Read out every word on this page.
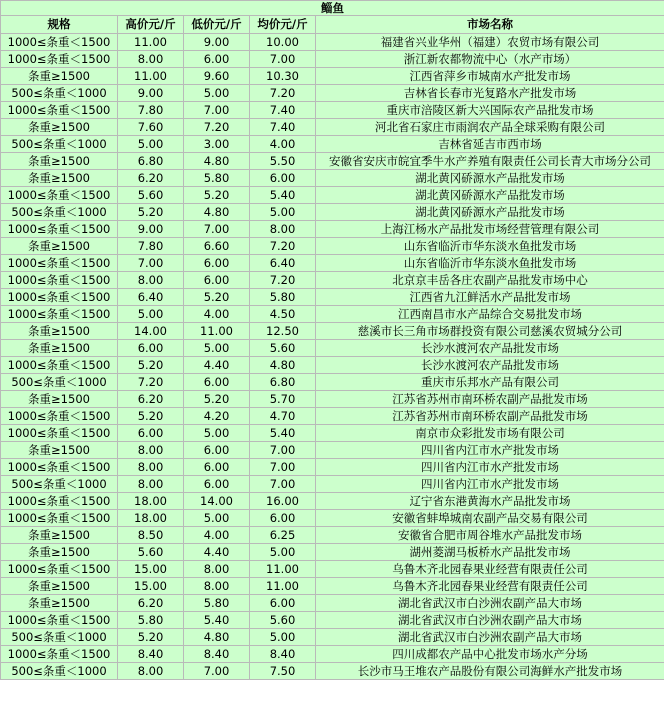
鲻鱼				
规格	高价元/斤	低价元/斤	均价元/斤	市场名称
1000≤条重＜1500	11.00	9.00	10.00	福建省兴业华州（福建）农贸市场有限公司
1000≤条重＜1500	8.00	6.00	7.00	浙江新农都物流中心（水产市场）
条重≥1500	11.00	9.60	10.30	江西省萍乡市城南水产批发市场
500≤条重＜1000	9.00	5.00	7.20	吉林省长春市光复路水产批发市场
1000≤条重＜1500	7.80	7.00	7.40	重庆市涪陵区新大兴国际农产品批发市场
条重≥1500	7.60	7.20	7.40	河北省石家庄市雨润农产品全球采购有限公司
500≤条重＜1000	5.00	3.00	4.00	吉林省延吉市西市场
条重≥1500	6.80	4.80	5.50	安徽省安庆市皖宜季牛水产养殖有限责任公司长青大市场分公司
条重≥1500	6.20	5.80	6.00	湖北黄冈硚源水产品批发市场
1000≤条重＜1500	5.60	5.20	5.40	湖北黄冈硚源水产品批发市场
500≤条重＜1000	5.20	4.80	5.00	湖北黄冈硚源水产品批发市场
1000≤条重＜1500	9.00	7.00	8.00	上海江杨水产品批发市场经营管理有限公司
条重≥1500	7.80	6.60	7.20	山东省临沂市华东淡水鱼批发市场
1000≤条重＜1500	7.00	6.00	6.40	山东省临沂市华东淡水鱼批发市场
1000≤条重＜1500	8.00	6.00	7.20	北京京丰岳各庄农副产品批发市场中心
1000≤条重＜1500	6.40	5.20	5.80	江西省九江鲜活水产品批发市场
1000≤条重＜1500	5.00	4.00	4.50	江西南昌市水产品综合交易批发市场
条重≥1500	14.00	11.00	12.50	慈溪市长三角市场群投资有限公司慈溪农贸城分公司
条重≥1500	6.00	5.00	5.60	长沙水渡河农产品批发市场
1000≤条重＜1500	5.20	4.40	4.80	长沙水渡河农产品批发市场
500≤条重＜1000	7.20	6.00	6.80	重庆市乐邦水产品有限公司
条重≥1500	6.20	5.20	5.70	江苏省苏州市南环桥农副产品批发市场
1000≤条重＜1500	5.20	4.20	4.70	江苏省苏州市南环桥农副产品批发市场
1000≤条重＜1500	6.00	5.00	5.40	南京市众彩批发市场有限公司
条重≥1500	8.00	6.00	7.00	四川省内江市水产批发市场
1000≤条重＜1500	8.00	6.00	7.00	四川省内江市水产批发市场
500≤条重＜1000	8.00	6.00	7.00	四川省内江市水产批发市场
1000≤条重＜1500	18.00	14.00	16.00	辽宁省东港黄海水产品批发市场
1000≤条重＜1500	18.00	5.00	6.00	安徽省蚌埠城南农副产品交易有限公司
条重≥1500	8.50	4.00	6.25	安徽省合肥市周谷堆水产品批发市场
条重≥1500	5.60	4.40	5.00	湖州菱湖马板桥水产品批发市场
1000≤条重＜1500	15.00	8.00	11.00	乌鲁木齐北园春果业经营有限责任公司
条重≥1500	15.00	8.00	11.00	乌鲁木齐北园春果业经营有限责任公司
条重≥1500	6.20	5.80	6.00	湖北省武汉市白沙洲农副产品大市场
1000≤条重＜1500	5.80	5.40	5.60	湖北省武汉市白沙洲农副产品大市场
500≤条重＜1000	5.20	4.80	5.00	湖北省武汉市白沙洲农副产品大市场
1000≤条重＜1500	8.40	8.40	8.40	四川成都农产品中心批发市场水产分场
500≤条重＜1000	8.00	7.00	7.50	长沙市马王堆农产品股份有限公司海鲜水产批发市场
